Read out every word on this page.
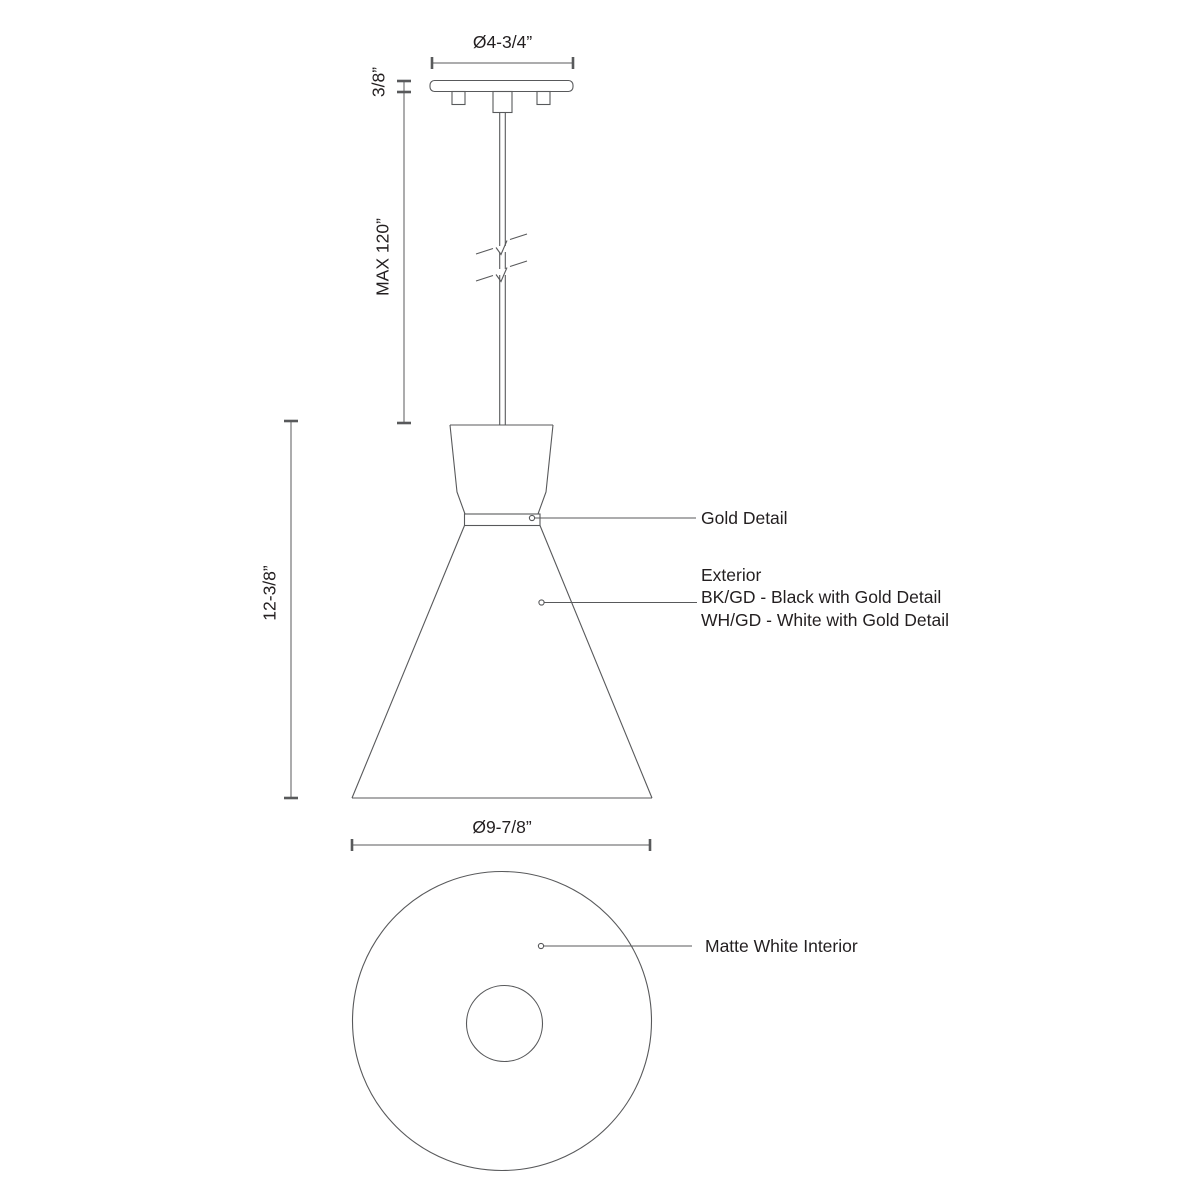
Ø4-3/4”
3/8”
MAX 120”
12-3/8”
Ø9-7/8”
Gold Detail
Exterior
BK/GD - Black with Gold Detail
WH/GD - White with Gold Detail
Matte White Interior
